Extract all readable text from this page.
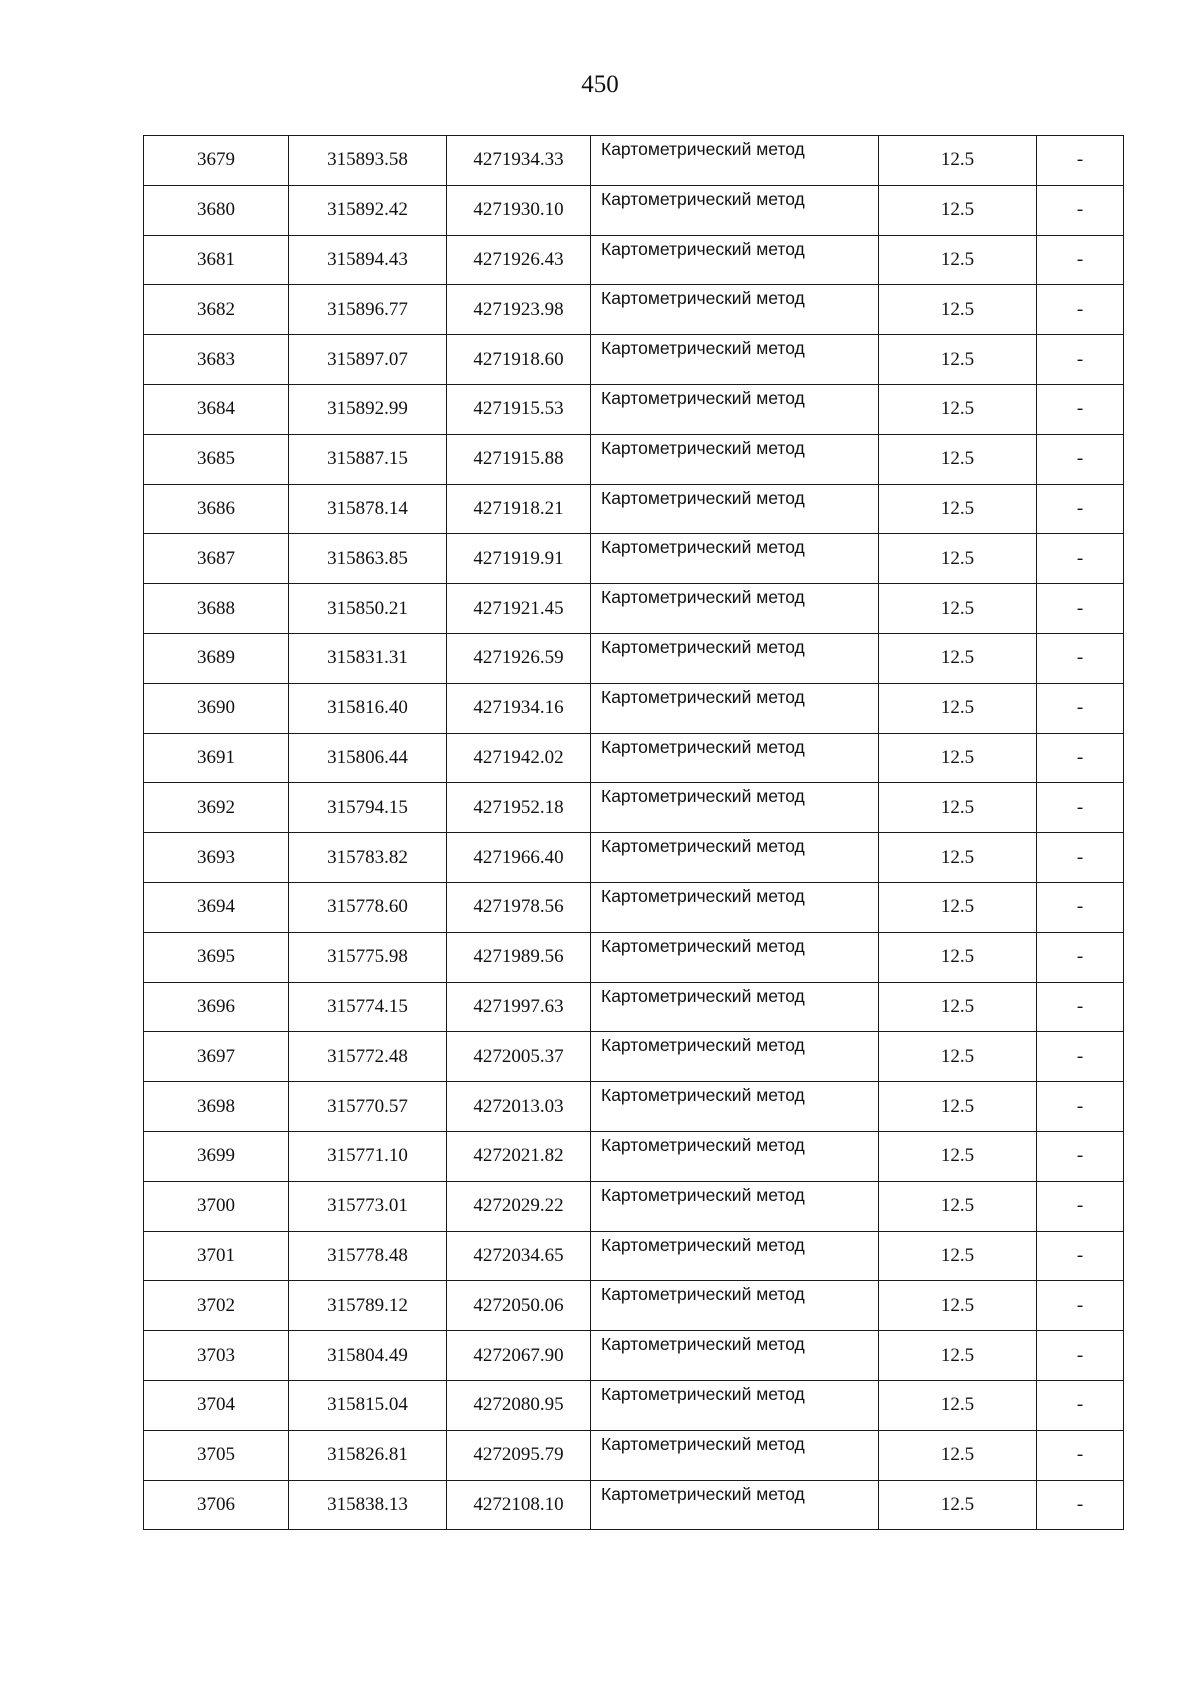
450
3679	315893.58	4271934.33	Картометрический метод	12.5	-
3680	315892.42	4271930.10	Картометрический метод	12.5	-
3681	315894.43	4271926.43	Картометрический метод	12.5	-
3682	315896.77	4271923.98	Картометрический метод	12.5	-
3683	315897.07	4271918.60	Картометрический метод	12.5	-
3684	315892.99	4271915.53	Картометрический метод	12.5	-
3685	315887.15	4271915.88	Картометрический метод	12.5	-
3686	315878.14	4271918.21	Картометрический метод	12.5	-
3687	315863.85	4271919.91	Картометрический метод	12.5	-
3688	315850.21	4271921.45	Картометрический метод	12.5	-
3689	315831.31	4271926.59	Картометрический метод	12.5	-
3690	315816.40	4271934.16	Картометрический метод	12.5	-
3691	315806.44	4271942.02	Картометрический метод	12.5	-
3692	315794.15	4271952.18	Картометрический метод	12.5	-
3693	315783.82	4271966.40	Картометрический метод	12.5	-
3694	315778.60	4271978.56	Картометрический метод	12.5	-
3695	315775.98	4271989.56	Картометрический метод	12.5	-
3696	315774.15	4271997.63	Картометрический метод	12.5	-
3697	315772.48	4272005.37	Картометрический метод	12.5	-
3698	315770.57	4272013.03	Картометрический метод	12.5	-
3699	315771.10	4272021.82	Картометрический метод	12.5	-
3700	315773.01	4272029.22	Картометрический метод	12.5	-
3701	315778.48	4272034.65	Картометрический метод	12.5	-
3702	315789.12	4272050.06	Картометрический метод	12.5	-
3703	315804.49	4272067.90	Картометрический метод	12.5	-
3704	315815.04	4272080.95	Картометрический метод	12.5	-
3705	315826.81	4272095.79	Картометрический метод	12.5	-
3706	315838.13	4272108.10	Картометрический метод	12.5	-
